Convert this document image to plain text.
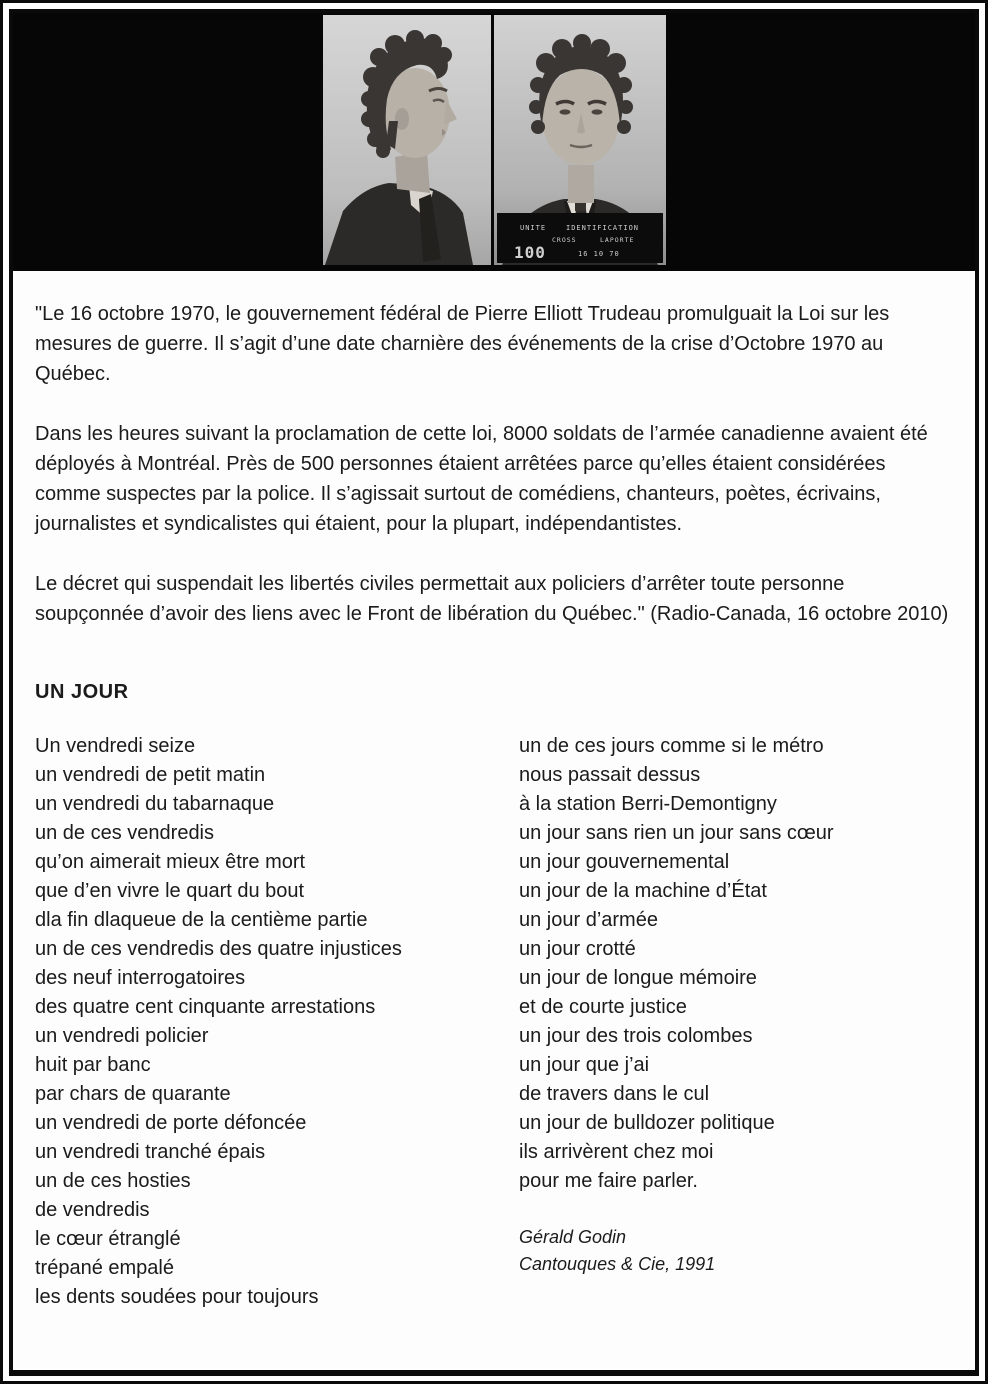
UNITE	IDENTIFICATION
CROSS	LAPORTE
100	16 10 70

"Le 16 octobre 1970, le gouvernement fédéral de Pierre Elliott Trudeau promulguait la Loi sur les mesures de guerre. Il s’agit d’une date charnière des événements de la crise d’Octobre 1970 au Québec.

Dans les heures suivant la proclamation de cette loi, 8000 soldats de l’armée canadienne avaient été déployés à Montréal. Près de 500 personnes étaient arrêtées parce qu’elles étaient considérées comme suspectes par la police. Il s’agissait surtout de comédiens, chanteurs, poètes, écrivains, journalistes et syndicalistes qui étaient, pour la plupart, indépendantistes.

Le décret qui suspendait les libertés civiles permettait aux policiers d’arrêter toute personne soupçonnée d’avoir des liens avec le Front de libération du Québec." (Radio-Canada, 16 octobre 2010)

UN JOUR
Un vendredi seize
un vendredi de petit matin
un vendredi du tabarnaque
un de ces vendredis
qu’on aimerait mieux être mort
que d’en vivre le quart du bout
dla fin dlaqueue de la centième partie
un de ces vendredis des quatre injustices
des neuf interrogatoires
des quatre cent cinquante arrestations
un vendredi policier
huit par banc
par chars de quarante
un vendredi de porte défoncée
un vendredi tranché épais
un de ces hosties
de vendredis
le cœur étranglé
trépané empalé
les dents soudées pour toujours
un de ces jours comme si le métro
nous passait dessus
à la station Berri-Demontigny
un jour sans rien un jour sans cœur
un jour gouvernemental
un jour de la machine d’État
un jour d’armée
un jour crotté
un jour de longue mémoire
et de courte justice
un jour des trois colombes
un jour que j’ai
de travers dans le cul
un jour de bulldozer politique
ils arrivèrent chez moi
pour me faire parler.
Gérald Godin
Cantouques & Cie, 1991
